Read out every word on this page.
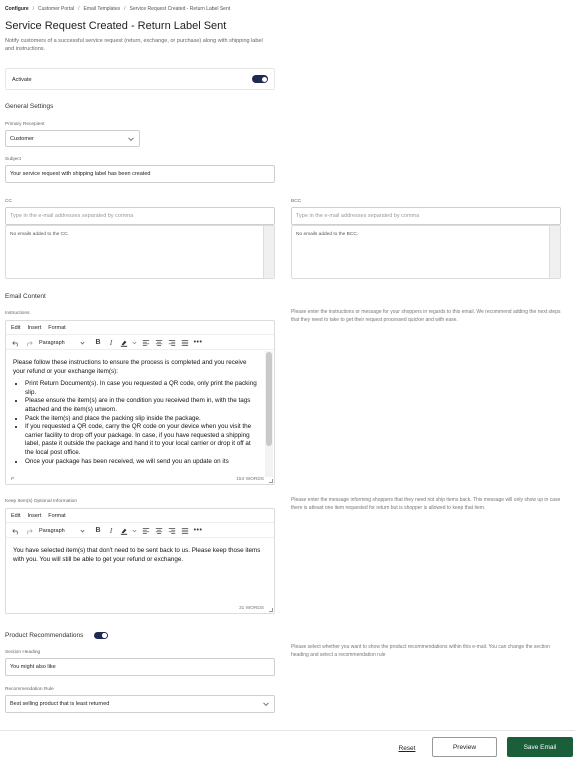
Configure / Customer Portal / Email Templates / Service Request Created - Return Label Sent
Service Request Created - Return Label Sent
Notify customers of a successful service request (return, exchange, or purchase) along with shipping label and instructions.
Activate
General Settings
Primary Recepient
Customer
Subject
Your service request with shipping label has been created
CC
Type in the e-mail addresses separated by comma
No emails added to the CC.
BCC
Type in the e-mail addresses separated by comma
No emails added to the BCC.
Email Content
Instructions	Please enter the instructions or message for your shoppers in regards to this email. We recommend adding the next steps that they need to take to get their request processed quicker and with ease.
Edit Insert Format
Paragraph	B	I	•••

Please follow these instructions to ensure the process is completed and you receive your refund or your exchange item(s):

• Print Return Document(s). In case you requested a QR code, only print the packing slip.
• Please ensure the item(s) are in the condition you received them in, with the tags attached and the item(s) unworn.
• Pack the item(s) and place the packing slip inside the package.
• If you requested a QR code, carry the QR code on your device when you visit the carrier facility to drop off your package. In case, if you have requested a shipping label, paste it outside the package and hand it to your local carrier or drop it off at the local post office.
• Once your package has been received, we will send you an update on its
P	154 WORDS
Keep Item(s) Optional Information	Please enter the message informing shoppers that they need not ship items back. This message will only show up in case there is atleast one item requested for return but is shopper is allowed to keep that item.
Edit Insert Format
Paragraph	B	I	•••

You have selected item(s) that don't need to be sent back to us. Please keep those items with you. You will still be able to get your refund or exchange.

31 WORDS
Product Recommendations
Please select whether you want to show the product recommendations within this e-mail. You can change the section heading and select a recommendation rule
Section Heading
You might also like
Recommendation Rule
Best selling product that is least returned
Reset	Preview	Save Email
